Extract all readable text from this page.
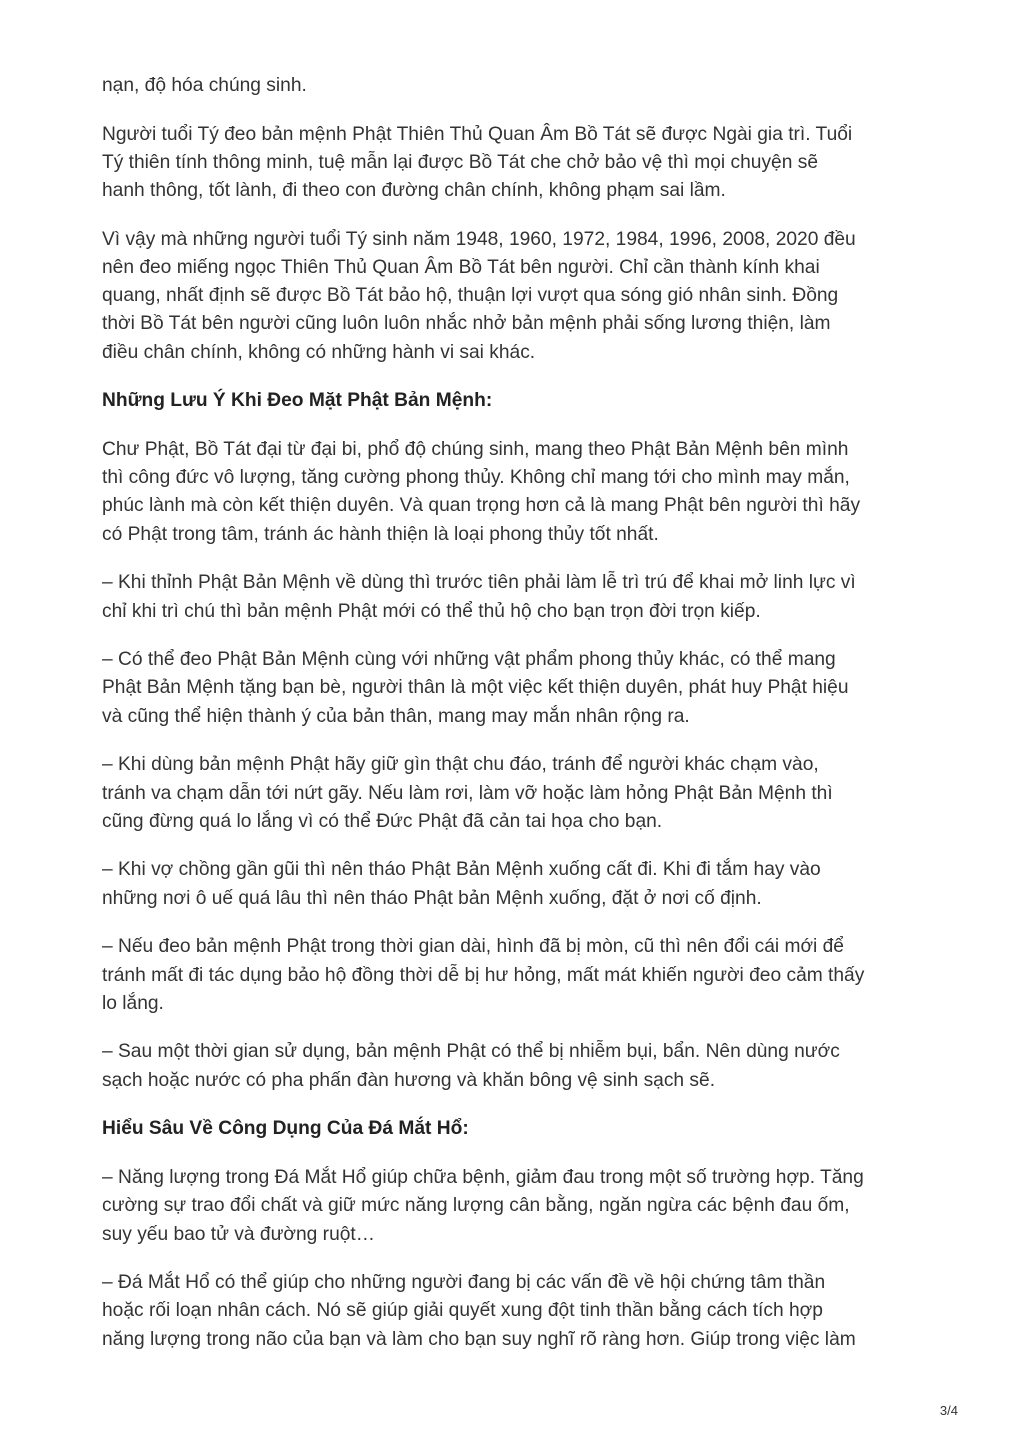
nạn, độ hóa chúng sinh.
Người tuổi Tý đeo bản mệnh Phật Thiên Thủ Quan Âm Bồ Tát sẽ được Ngài gia trì. Tuổi
Tý thiên tính thông minh, tuệ mẫn lại được Bồ Tát che chở bảo vệ thì mọi chuyện sẽ
hanh thông, tốt lành, đi theo con đường chân chính, không phạm sai lầm.
Vì vậy mà những người tuổi Tý sinh năm 1948, 1960, 1972, 1984, 1996, 2008, 2020 đều
nên đeo miếng ngọc Thiên Thủ Quan Âm Bồ Tát bên người. Chỉ cần thành kính khai
quang, nhất định sẽ được Bồ Tát bảo hộ, thuận lợi vượt qua sóng gió nhân sinh. Đồng
thời Bồ Tát bên người cũng luôn luôn nhắc nhở bản mệnh phải sống lương thiện, làm
điều chân chính, không có những hành vi sai khác.
Những Lưu Ý Khi Đeo Mặt Phật Bản Mệnh:
Chư Phật, Bồ Tát đại từ đại bi, phổ độ chúng sinh, mang theo Phật Bản Mệnh bên mình
thì công đức vô lượng, tăng cường phong thủy. Không chỉ mang tới cho mình may mắn,
phúc lành mà còn kết thiện duyên. Và quan trọng hơn cả là mang Phật bên người thì hãy
có Phật trong tâm, tránh ác hành thiện là loại phong thủy tốt nhất.
– Khi thỉnh Phật Bản Mệnh về dùng thì trước tiên phải làm lễ trì trú để khai mở linh lực vì
chỉ khi trì chú thì bản mệnh Phật mới có thể thủ hộ cho bạn trọn đời trọn kiếp.
– Có thể đeo Phật Bản Mệnh cùng với những vật phẩm phong thủy khác, có thể mang
Phật Bản Mệnh tặng bạn bè, người thân là một việc kết thiện duyên, phát huy Phật hiệu
và cũng thể hiện thành ý của bản thân, mang may mắn nhân rộng ra.
– Khi dùng bản mệnh Phật hãy giữ gìn thật chu đáo, tránh để người khác chạm vào,
tránh va chạm dẫn tới nứt gãy. Nếu làm rơi, làm vỡ hoặc làm hỏng Phật Bản Mệnh thì
cũng đừng quá lo lắng vì có thể Đức Phật đã cản tai họa cho bạn.
– Khi vợ chồng gần gũi thì nên tháo Phật Bản Mệnh xuống cất đi. Khi đi tắm hay vào
những nơi ô uế quá lâu thì nên tháo Phật bản Mệnh xuống, đặt ở nơi cố định.
– Nếu đeo bản mệnh Phật trong thời gian dài, hình đã bị mòn, cũ thì nên đổi cái mới để
tránh mất đi tác dụng bảo hộ đồng thời dễ bị hư hỏng, mất mát khiến người đeo cảm thấy
lo lắng.
– Sau một thời gian sử dụng, bản mệnh Phật có thể bị nhiễm bụi, bẩn. Nên dùng nước
sạch hoặc nước có pha phấn đàn hương và khăn bông vệ sinh sạch sẽ.
Hiểu Sâu Về Công Dụng Của Đá Mắt Hổ:
– Năng lượng trong Đá Mắt Hổ giúp chữa bệnh, giảm đau trong một số trường hợp. Tăng
cường sự trao đổi chất và giữ mức năng lượng cân bằng, ngăn ngừa các bệnh đau ốm,
suy yếu bao tử và đường ruột…
– Đá Mắt Hổ có thể giúp cho những người đang bị các vấn đề về hội chứng tâm thần
hoặc rối loạn nhân cách. Nó sẽ giúp giải quyết xung đột tinh thần bằng cách tích hợp
năng lượng trong não của bạn và làm cho bạn suy nghĩ rõ ràng hơn. Giúp trong việc làm
3/4
